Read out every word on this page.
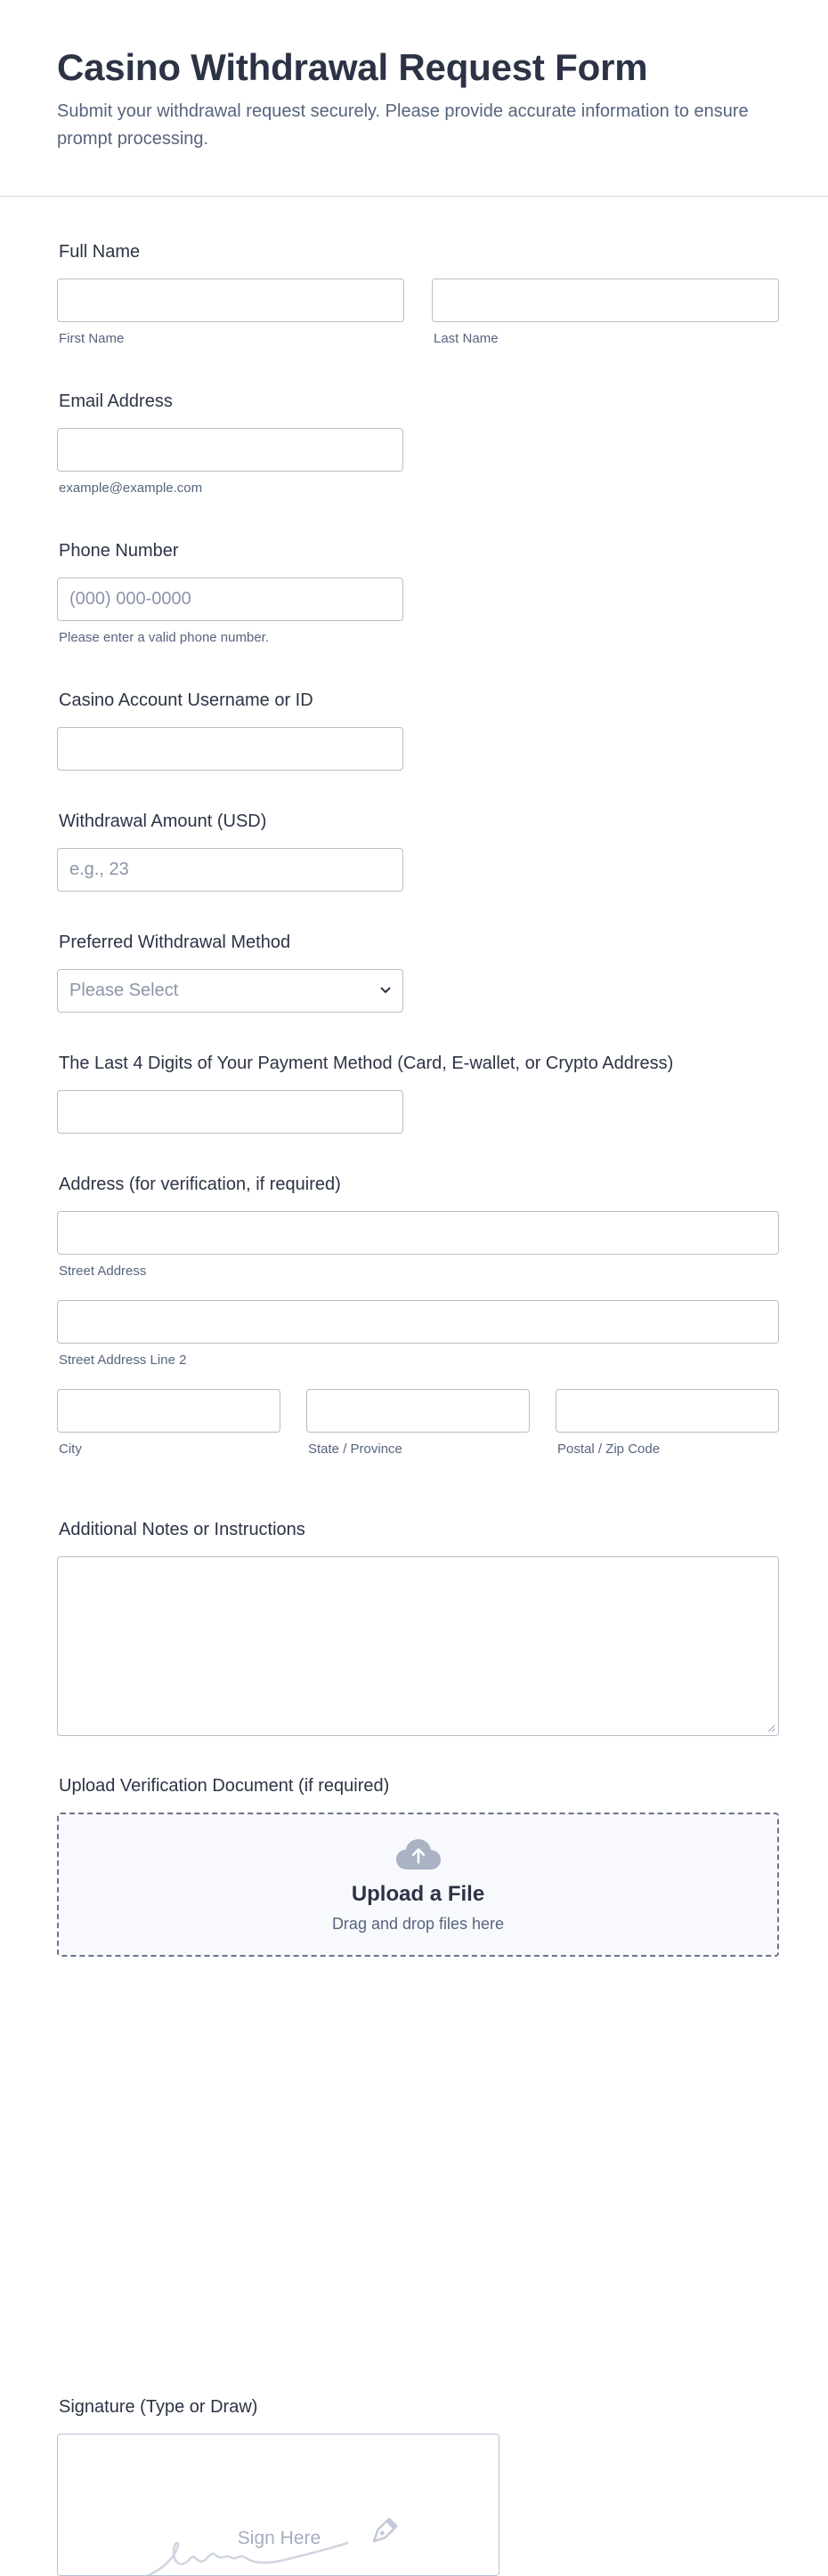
Casino Withdrawal Request Form

Submit your withdrawal request securely. Please provide accurate information to ensure prompt processing.

Full Name
First Name	Last Name
Email Address
example@example.com
Phone Number
(000) 000-0000
Please enter a valid phone number.
Casino Account Username or ID
Withdrawal Amount (USD)
e.g., 23
Preferred Withdrawal Method
Please Select
The Last 4 Digits of Your Payment Method (Card, E-wallet, or Crypto Address)
Address (for verification, if required)
Street Address
Street Address Line 2
City	State / Province	Postal / Zip Code
Additional Notes or Instructions
Upload Verification Document (if required)
Upload a File
Drag and drop files here
Signature (Type or Draw)
Sign Here
